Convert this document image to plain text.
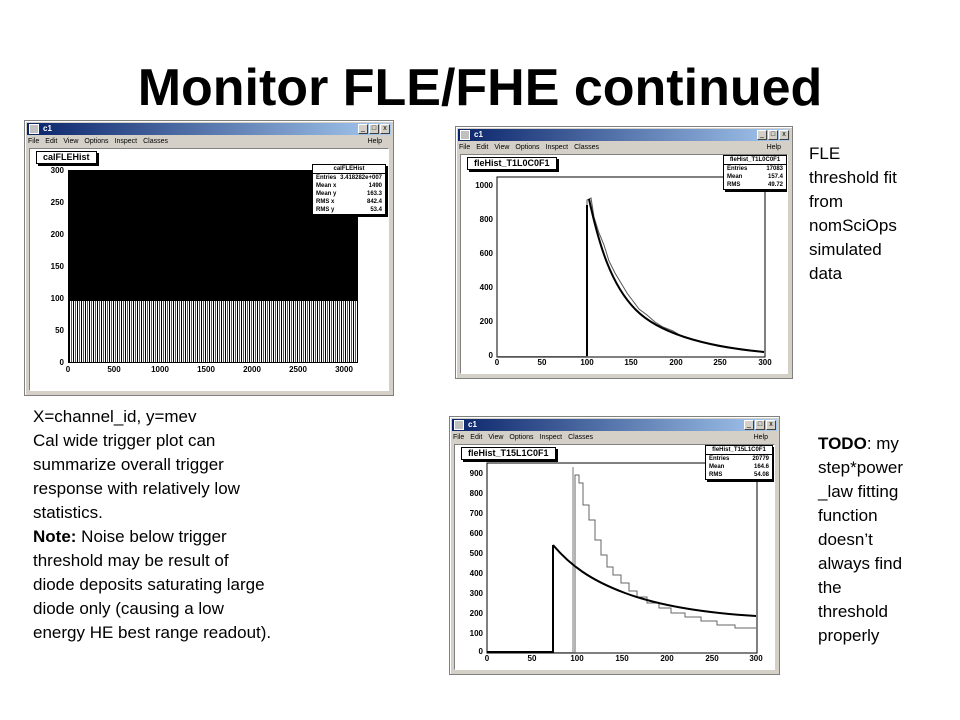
Monitor FLE/FHE continued
c1	_ □	x
File Edit View Options Inspect Classes	Help
calFLEHist
calFLEHist
Entries 3.418282e+007
Mean x	1490
Mean y	163.3
RMS x	842.4
RMS y	53.4
300
250
200
150
100
50
0
0	500	1000	1500	2000	2500	3000
c1	_ □	x
File Edit View Options Inspect Classes	Help
fleHist_T1L0C0F1	fleHist_T1L0C0F1
Entries	17083
Mean	157.4
RMS	49.72
1000
800
600
400
200
0
0	50	100	150	200	250	300
c1	_ □	x
File Edit View Options Inspect Classes	Help
fleHist_T15L1C0F1	fleHist_T15L1C0F1
Entries	20779
Mean	164.6
RMS	54.08
900
800
700
600
500
400
300
200
100
0
0	50	100	150	200	250	300
FLE
threshold fit
from
nomSciOps
simulated
data
TODO: my
step*power
_law fitting
function
doesn’t
always find
the
threshold
properly
X=channel_id, y=mev
Cal wide trigger plot can
summarize overall trigger
response with relatively low
statistics.
Note: Noise below trigger
threshold may be result of
diode deposits saturating large
diode only (causing a low
energy HE best range readout).
